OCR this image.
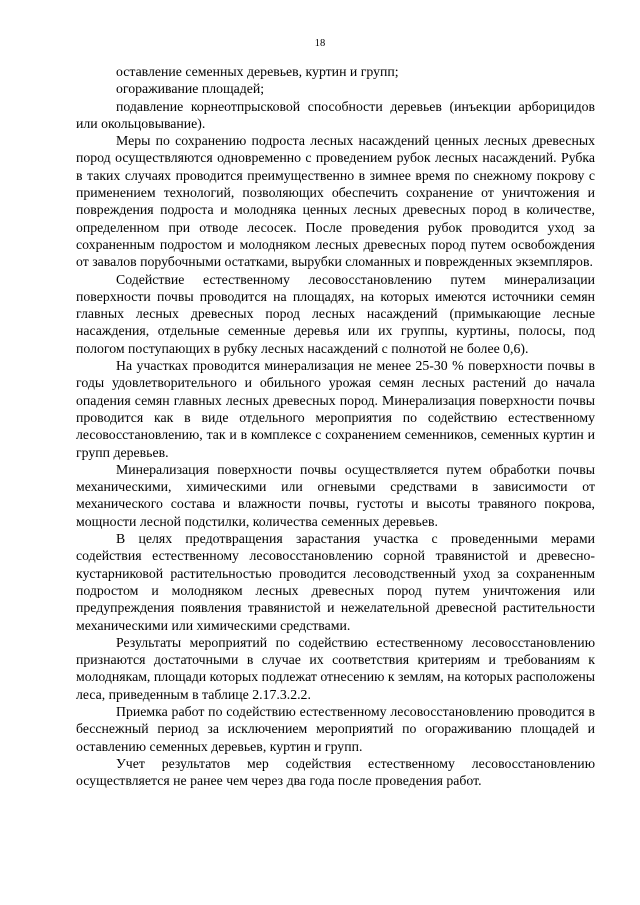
18

оставление семенных деревьев, куртин и групп;

огораживание площадей;

подавление корнеотпрысковой способности деревьев (инъекции арборицидов или окольцовывание).

Меры по сохранению подроста лесных насаждений ценных лесных древесных пород осуществляются одновременно с проведением рубок лесных насаждений. Рубка в таких случаях проводится преимущественно в зимнее время по снежному покрову с применением технологий, позволяющих обеспечить сохранение от уничтожения и повреждения подроста и молодняка ценных лесных древесных пород в количестве, определенном при отводе лесосек. После проведения рубок проводится уход за сохраненным подростом и молодняком лесных древесных пород путем освобождения от завалов порубочными остатками, вырубки сломанных и поврежденных экземпляров.

Содействие естественному лесовосстановлению путем минерализации поверхности почвы проводится на площадях, на которых имеются источники семян главных лесных древесных пород лесных насаждений (примыкающие лесные насаждения, отдельные семенные деревья или их группы, куртины, полосы, под пологом поступающих в рубку лесных насаждений с полнотой не более 0,6).

На участках проводится минерализация не менее 25-30 % поверхности почвы в годы удовлетворительного и обильного урожая семян лесных растений до начала опадения семян главных лесных древесных пород. Минерализация поверхности почвы проводится как в виде отдельного мероприятия по содействию естественному лесовосстановлению, так и в комплексе с сохранением семенников, семенных куртин и групп деревьев.

Минерализация поверхности почвы осуществляется путем обработки почвы механическими, химическими или огневыми средствами в зависимости от механического состава и влажности почвы, густоты и высоты травяного покрова, мощности лесной подстилки, количества семенных деревьев.

В целях предотвращения зарастания участка с проведенными мерами содействия естественному лесовосстановлению сорной травянистой и древесно-кустарниковой растительностью проводится лесоводственный уход за сохраненным подростом и молодняком лесных древесных пород путем уничтожения или предупреждения появления травянистой и нежелательной древесной растительности механическими или химическими средствами.

Результаты мероприятий по содействию естественному лесовосстановлению признаются достаточными в случае их соответствия критериям и требованиям к молоднякам, площади которых подлежат отнесению к землям, на которых расположены леса, приведенным в таблице 2.17.3.2.2.

Приемка работ по содействию естественному лесовосстановлению проводится в бесснежный период за исключением мероприятий по огораживанию площадей и оставлению семенных деревьев, куртин и групп.

Учет результатов мер содействия естественному лесовосстановлению осуществляется не ранее чем через два года после проведения работ.
